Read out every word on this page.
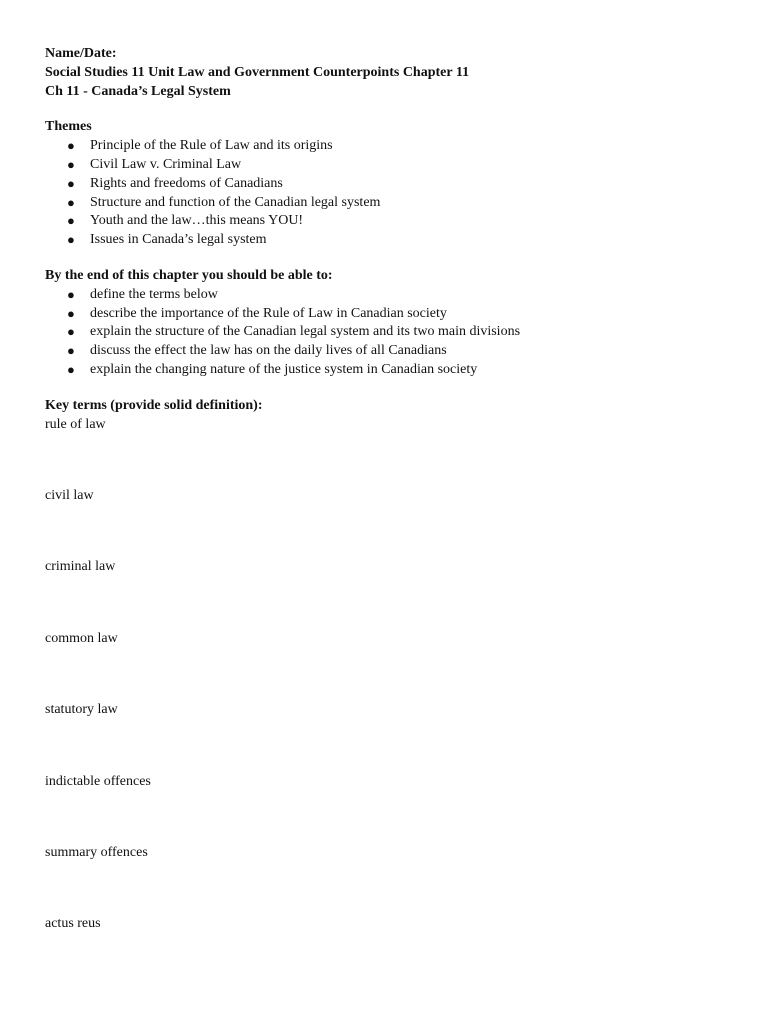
Name/Date:
Social Studies 11 Unit Law and Government Counterpoints Chapter 11
Ch 11 - Canada’s Legal System
Themes
● Principle of the Rule of Law and its origins
● Civil Law v. Criminal Law
● Rights and freedoms of Canadians
● Structure and function of the Canadian legal system
● Youth and the law…this means YOU!
● Issues in Canada’s legal system
By the end of this chapter you should be able to:
● define the terms below
● describe the importance of the Rule of Law in Canadian society
● explain the structure of the Canadian legal system and its two main divisions
● discuss the effect the law has on the daily lives of all Canadians
● explain the changing nature of the justice system in Canadian society
Key terms (provide solid definition):
rule of law
civil law
criminal law
common law
statutory law
indictable offences
summary offences
actus reus
